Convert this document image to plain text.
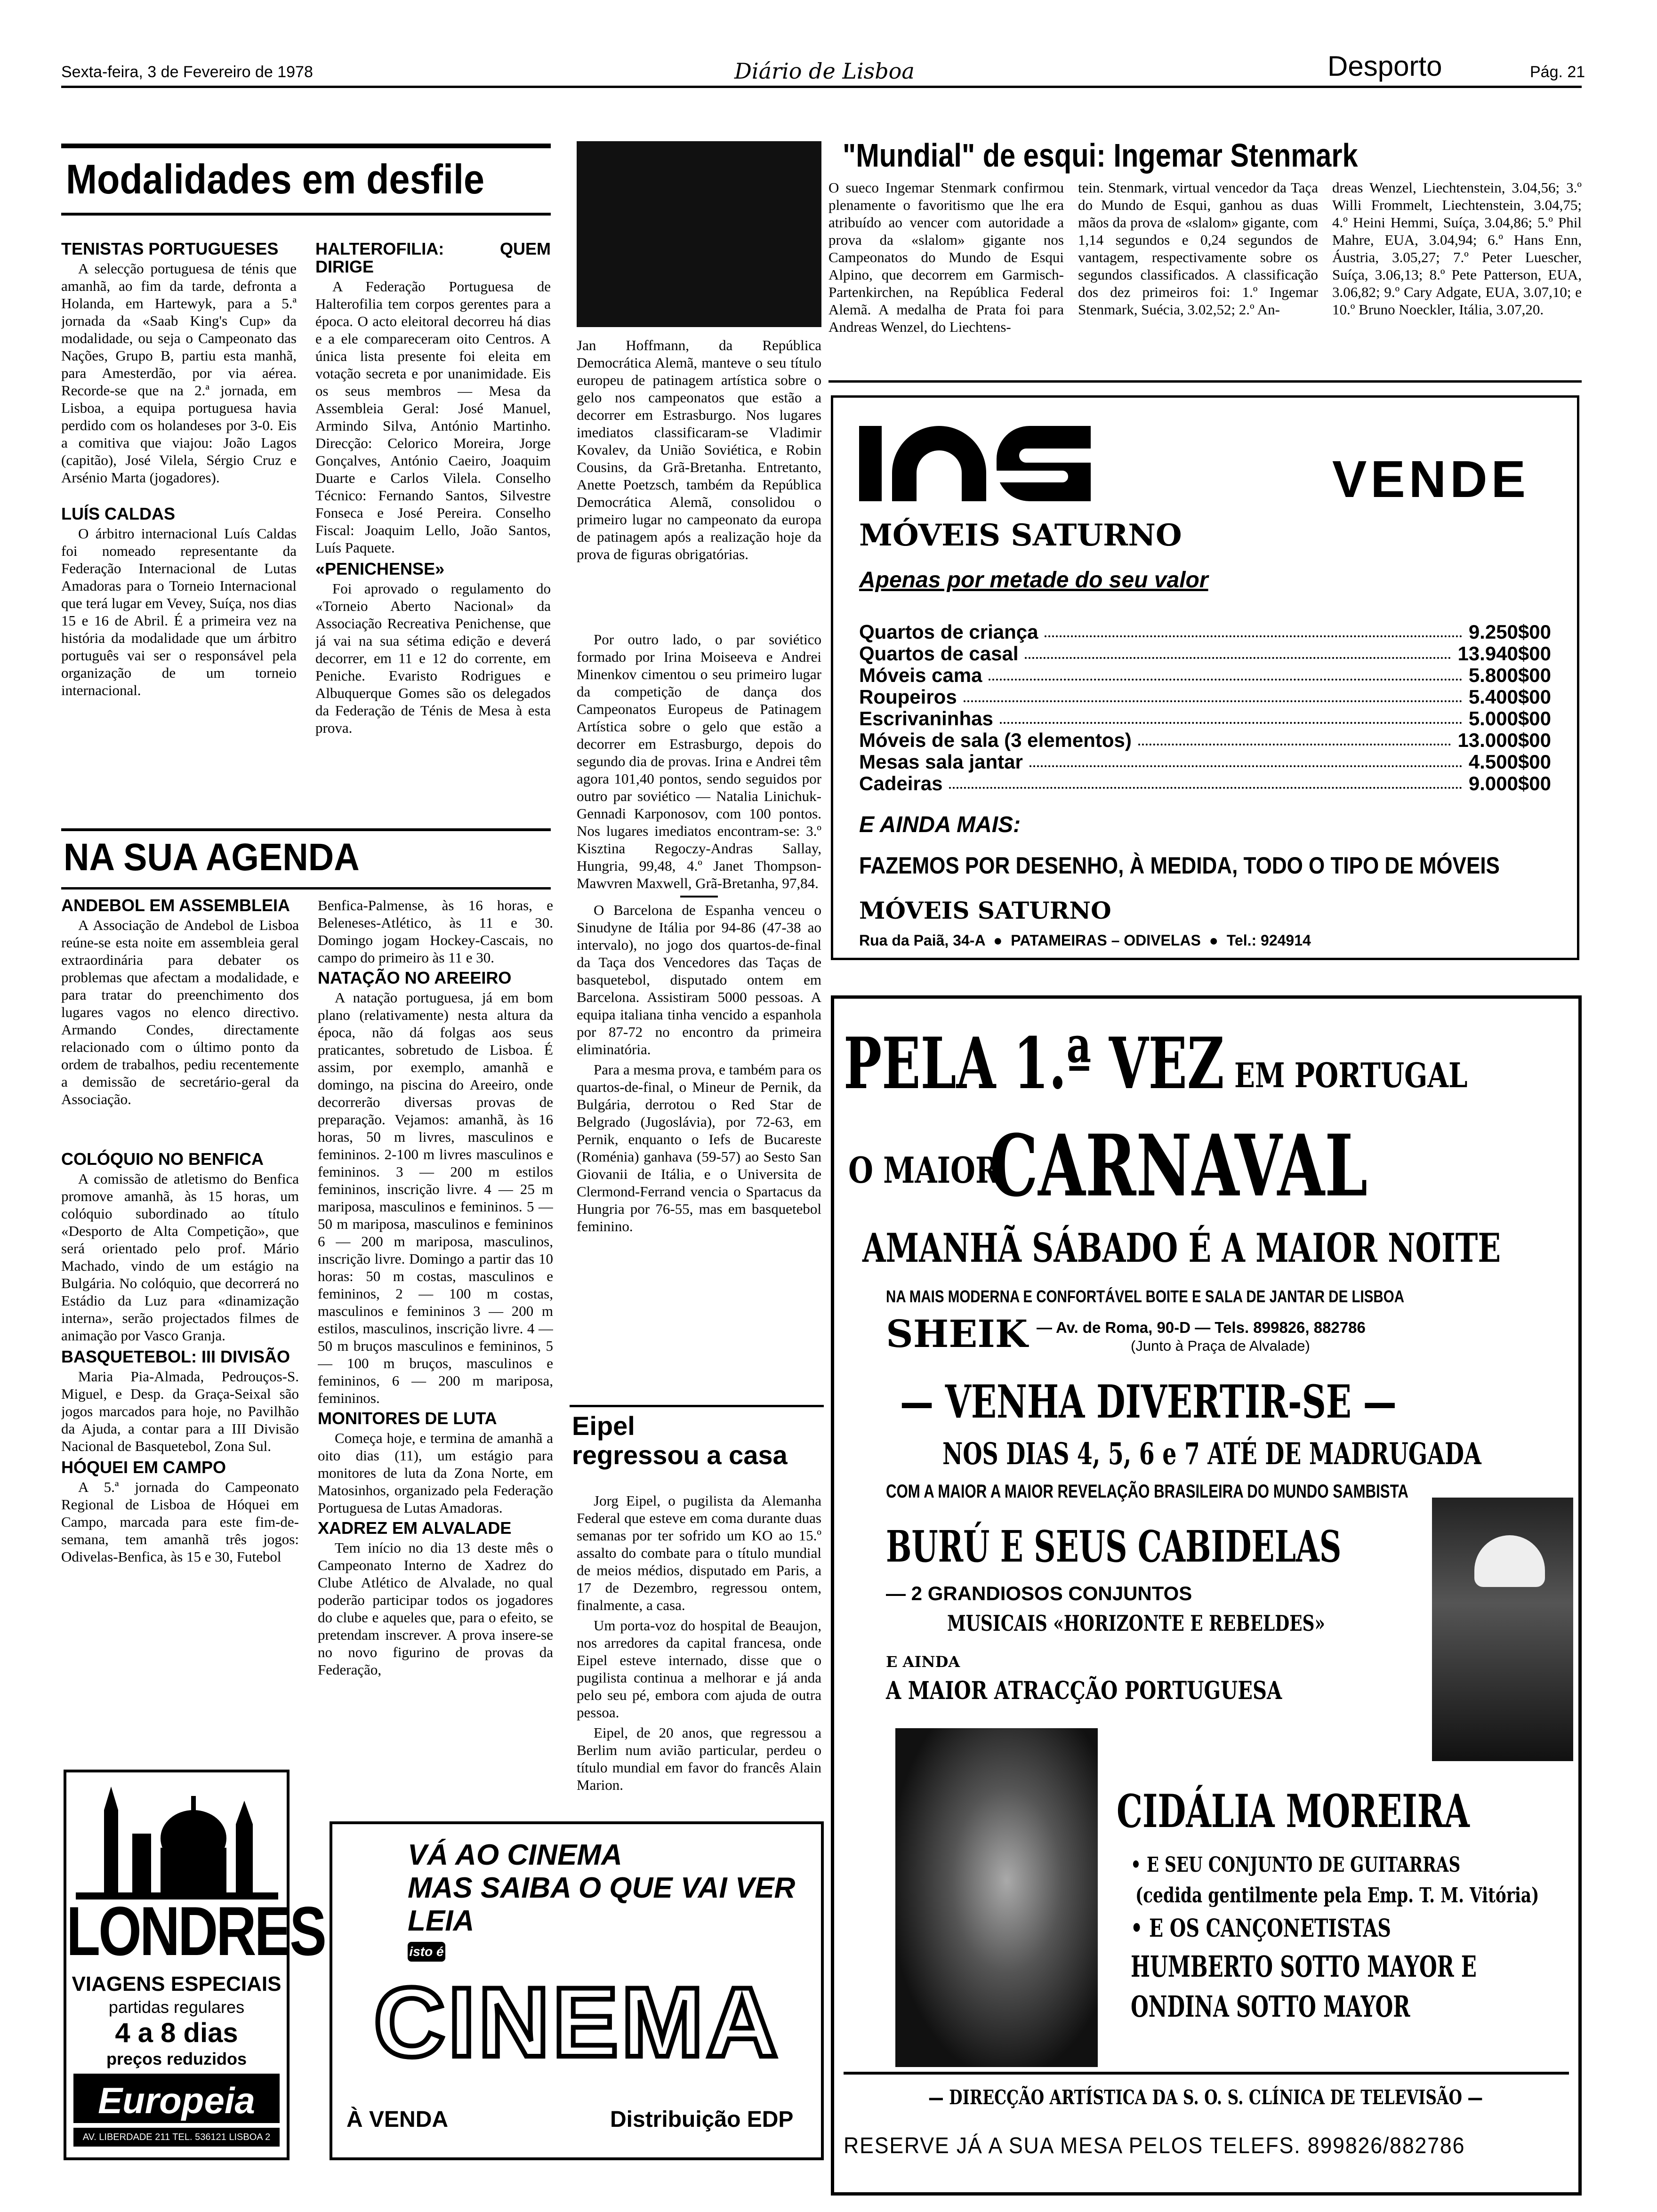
Sexta-feira, 3 de Fevereiro de 1978	Diário de Lisboa	Desporto	Pág. 21
Modalidades em desfile
TENISTAS PORTUGUESES

A selecção portuguesa de ténis que amanhã, ao fim da tarde, defronta a Holanda, em Hartewyk, para a 5.ª jornada da «Saab King's Cup» da modalidade, ou seja o Campeonato das Nações, Grupo B, partiu esta manhã, para Amesterdão, por via aérea. Recorde-se que na 2.ª jornada, em Lisboa, a equipa portuguesa havia perdido com os holandeses por 3-0. Eis a comitiva que viajou: João Lagos (capitão), José Vilela, Sérgio Cruz e Arsénio Marta (jogadores).

LUÍS CALDAS

O árbitro internacional Luís Caldas foi nomeado representante da Federação Internacional de Lutas Amadoras para o Torneio Internacional que terá lugar em Vevey, Suíça, nos dias 15 e 16 de Abril. É a primeira vez na história da modalidade que um árbitro português vai ser o responsável pela organização de um torneio internacional.

HALTEROFILIA: QUEM DIRIGE

A Federação Portuguesa de Halterofilia tem corpos gerentes para a época. O acto eleitoral decorreu há dias e a ele compareceram oito Centros. A única lista presente foi eleita em votação secreta e por unanimidade. Eis os seus membros — Mesa da Assembleia Geral: José Manuel, Armindo Silva, António Martinho. Direcção: Celorico Moreira, Jorge Gonçalves, António Caeiro, Joaquim Duarte e Carlos Vilela. Conselho Técnico: Fernando Santos, Silvestre Fonseca e José Pereira. Conselho Fiscal: Joaquim Lello, João Santos, Luís Paquete.

«PENICHENSE»

Foi aprovado o regulamento do «Torneio Aberto Nacional» da Associação Recreativa Penichense, que já vai na sua sétima edição e deverá decorrer, em 11 e 12 do corrente, em Peniche. Evaristo Rodrigues e Albuquerque Gomes são os delegados da Federação de Ténis de Mesa à esta prova.

Jan Hoffmann, da República Democrática Alemã, manteve o seu título europeu de patinagem artística sobre o gelo nos campeonatos que estão a decorrer em Estrasburgo. Nos lugares imediatos classificaram-se Vladimir Kovalev, da União Soviética, e Robin Cousins, da Grã-Bretanha. Entretanto, Anette Poetzsch, também da República Democrática Alemã, consolidou o primeiro lugar no campeonato da europa de patinagem após a realização hoje da prova de figuras obrigatórias.

Por outro lado, o par soviético formado por Irina Moiseeva e Andrei Minenkov cimentou o seu primeiro lugar da competição de dança dos Campeonatos Europeus de Patinagem Artística sobre o gelo que estão a decorrer em Estrasburgo, depois do segundo dia de provas. Irina e Andrei têm agora 101,40 pontos, sendo seguidos por outro par soviético — Natalia Linichuk-Gennadi Karponosov, com 100 pontos. Nos lugares imediatos encontram-se: 3.º Kisztina Regoczy-Andras Sallay, Hungria, 99,48, 4.º Janet Thompson-Mawvren Maxwell, Grã-Bretanha, 97,84.

O Barcelona de Espanha venceu o Sinudyne de Itália por 94-86 (47-38 ao intervalo), no jogo dos quartos-de-final da Taça dos Vencedores das Taças de basquetebol, disputado ontem em Barcelona. Assistiram 5000 pessoas. A equipa italiana tinha vencido a espanhola por 87-72 no encontro da primeira eliminatória.

Para a mesma prova, e também para os quartos-de-final, o Mineur de Pernik, da Bulgária, derrotou o Red Star de Belgrado (Jugoslávia), por 72-63, em Pernik, enquanto o Iefs de Bucareste (Roménia) ganhava (59-57) ao Sesto San Giovanii de Itália, e o Universita de Clermond-Ferrand vencia o Spartacus da Hungria por 76-55, mas em basquetebol feminino.

Eipel
regressou a casa

Jorg Eipel, o pugilista da Alemanha Federal que esteve em coma durante duas semanas por ter sofrido um KO ao 15.º assalto do combate para o título mundial de meios médios, disputado em Paris, a 17 de Dezembro, regressou ontem, finalmente, a casa.

Um porta-voz do hospital de Beaujon, nos arredores da capital francesa, onde Eipel esteve internado, disse que o pugilista continua a melhorar e já anda pelo seu pé, embora com ajuda de outra pessoa.

Eipel, de 20 anos, que regressou a Berlim num avião particular, perdeu o título mundial em favor do francês Alain Marion.

"Mundial" de esqui: Ingemar Stenmark
O sueco Ingemar Stenmark confirmou plenamente o favoritismo que lhe era atribuído ao vencer com autoridade a prova da «slalom» gigante nos Campeonatos do Mundo de Esqui Alpino, que decorrem em Garmisch-Partenkirchen, na República Federal Alemã. A medalha de Prata foi para Andreas Wenzel, do Liechtens-
tein. Stenmark, virtual vencedor da Taça do Mundo de Esqui, ganhou as duas mãos da prova de «slalom» gigante, com 1,14 segundos e 0,24 segundos de vantagem, respectivamente sobre os segundos classificados. A classificação dos dez primeiros foi: 1.º Ingemar Stenmark, Suécia, 3.02,52; 2.º An-
dreas Wenzel, Liechtenstein, 3.04,56; 3.º Willi Frommelt, Liechtenstein, 3.04,75; 4.º Heini Hemmi, Suíça, 3.04,86; 5.º Phil Mahre, EUA, 3.04,94; 6.º Hans Enn, Áustria, 3.05,27; 7.º Peter Luescher, Suíça, 3.06,13; 8.º Pete Patterson, EUA, 3.06,82; 9.º Cary Adgate, EUA, 3.07,10; e 10.º Bruno Noeckler, Itália, 3.07,20.
MÓVEIS SATURNO
VENDE
Apenas por metade do seu valor
Quartos de criança	9.250$00
Quartos de casal	13.940$00
Móveis cama	5.800$00
Roupeiros	5.400$00
Escrivaninhas	5.000$00
Móveis de sala (3 elementos)	13.000$00
Mesas sala jantar	4.500$00
Cadeiras	9.000$00
E AINDA MAIS:
FAZEMOS POR DESENHO, À MEDIDA, TODO O TIPO DE MÓVEIS
MÓVEIS SATURNO
Rua da Paiã, 34-A  ●  PATAMEIRAS – ODIVELAS  ●  Tel.: 924914
NA SUA AGENDA
ANDEBOL EM ASSEMBLEIA

A Associação de Andebol de Lisboa reúne-se esta noite em assembleia geral extraordinária para debater os problemas que afectam a modalidade, e para tratar do preenchimento dos lugares vagos no elenco directivo. Armando Condes, directamente relacionado com o último ponto da ordem de trabalhos, pediu recentemente a demissão de secretário-geral da Associação.

COLÓQUIO NO BENFICA

A comissão de atletismo do Benfica promove amanhã, às 15 horas, um colóquio subordinado ao título «Desporto de Alta Competição», que será orientado pelo prof. Mário Machado, vindo de um estágio na Bulgária. No colóquio, que decorrerá no Estádio da Luz para «dinamização interna», serão projectados filmes de animação por Vasco Granja.

BASQUETEBOL: III DIVISÃO

Maria Pia-Almada, Pedrouços-S. Miguel, e Desp. da Graça-Seixal são jogos marcados para hoje, no Pavilhão da Ajuda, a contar para a III Divisão Nacional de Basquetebol, Zona Sul.

HÓQUEI EM CAMPO

A 5.ª jornada do Campeonato Regional de Lisboa de Hóquei em Campo, marcada para este fim-de-semana, tem amanhã três jogos: Odivelas-Benfica, às 15 e 30, Futebol

Benfica-Palmense, às 16 horas, e Beleneses-Atlético, às 11 e 30. Domingo jogam Hockey-Cascais, no campo do primeiro às 11 e 30.

NATAÇÃO NO AREEIRO

A natação portuguesa, já em bom plano (relativamente) nesta altura da época, não dá folgas aos seus praticantes, sobretudo de Lisboa. É assim, por exemplo, amanhã e domingo, na piscina do Areeiro, onde decorrerão diversas provas de preparação. Vejamos: amanhã, às 16 horas, 50 m livres, masculinos e femininos. 2-100 m livres masculinos e femininos. 3 — 200 m estilos femininos, inscrição livre. 4 — 25 m mariposa, masculinos e femininos. 5 — 50 m mariposa, masculinos e femininos 6 — 200 m mariposa, masculinos, inscrição livre. Domingo a partir das 10 horas: 50 m costas, masculinos e femininos, 2 — 100 m costas, masculinos e femininos 3 — 200 m estilos, masculinos, inscrição livre. 4 — 50 m bruços masculinos e femininos, 5 — 100 m bruços, masculinos e femininos, 6 — 200 m mariposa, femininos.

MONITORES DE LUTA

Começa hoje, e termina de amanhã a oito dias (11), um estágio para monitores de luta da Zona Norte, em Matosinhos, organizado pela Federação Portuguesa de Lutas Amadoras.

XADREZ EM ALVALADE

Tem início no dia 13 deste mês o Campeonato Interno de Xadrez do Clube Atlético de Alvalade, no qual poderão participar todos os jogadores do clube e aqueles que, para o efeito, se pretendam inscrever. A prova insere-se no novo figurino de provas da Federação,

LONDRES
VIAGENS ESPECIAIS
partidas regulares
4 a 8 dias
preços reduzidos
Europeia
AV. LIBERDADE 211 TEL. 536121 LISBOA 2
VÁ AO CINEMA
MAS SAIBA O QUE VAI VER
LEIA
isto é
CINEMA
À VENDA	Distribuição EDP
PELA 1.ª VEZ EM PORTUGAL
O MAIOR
CARNAVAL
AMANHÃ SÁBADO É A MAIOR NOITE
NA MAIS MODERNA E CONFORTÁVEL BOITE E SALA DE JANTAR DE LISBOA
SHEIK — Av. de Roma, 90-D — Tels. 899826, 882786
(Junto à Praça de Alvalade)
— VENHA DIVERTIR-SE —
NOS DIAS 4, 5, 6 e 7 ATÉ DE MADRUGADA
COM A MAIOR A MAIOR REVELAÇÃO BRASILEIRA DO MUNDO SAMBISTA
BURÚ E SEUS CABIDELAS
— 2 GRANDIOSOS CONJUNTOS
MUSICAIS «HORIZONTE E REBELDES»
E AINDA
A MAIOR ATRACÇÃO PORTUGUESA
CIDÁLIA MOREIRA
• E SEU CONJUNTO DE GUITARRAS
(cedida gentilmente pela Emp. T. M. Vitória)
• E OS CANÇONETISTAS
HUMBERTO SOTTO MAYOR E
ONDINA SOTTO MAYOR
— DIRECÇÃO ARTÍSTICA DA S. O. S. CLÍNICA DE TELEVISÃO —
RESERVE JÁ A SUA MESA PELOS TELEFS. 899826/882786
